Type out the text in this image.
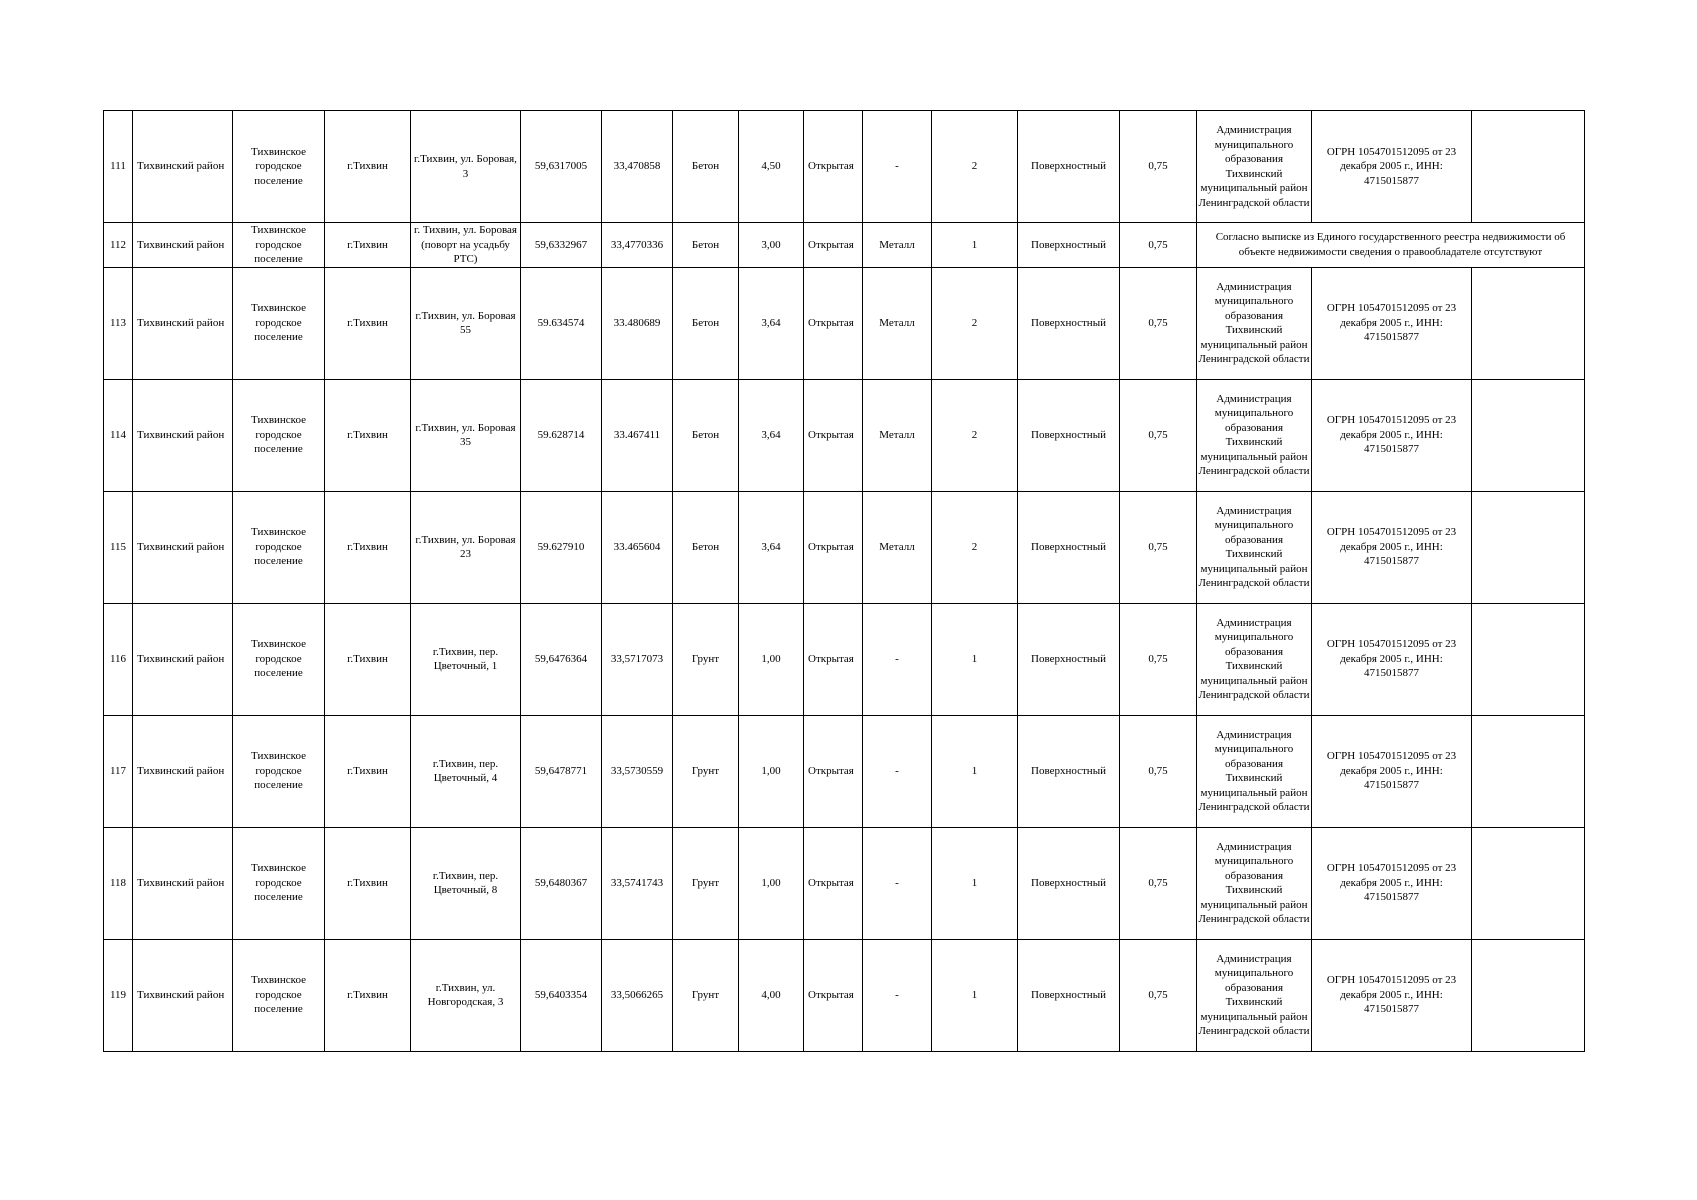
111	Тихвинский район	Тихвинское городское поселение	г.Тихвин	г.Тихвин, ул. Боровая, 3	59,6317005	33,470858	Бетон	4,50	Открытая	-	2	Поверхностный	0,75	Администрация муниципального образования Тихвинский муниципальный район Ленинградской области	ОГРН 1054701512095 от 23 декабря 2005 г., ИНН: 4715015877	
112	Тихвинский район	Тихвинское городское поселение	г.Тихвин	г. Тихвин, ул. Боровая (поворт на усадьбу РТС)	59,6332967	33,4770336	Бетон	3,00	Открытая	Металл	1	Поверхностный	0,75	Согласно выписке из Единого государственного реестра недвижимости об объекте недвижимости сведения о правообладателе отсутствуют		
113	Тихвинский район	Тихвинское городское поселение	г.Тихвин	г.Тихвин, ул. Боровая 55	59.634574	33.480689	Бетон	3,64	Открытая	Металл	2	Поверхностный	0,75	Администрация муниципального образования Тихвинский муниципальный район Ленинградской области	ОГРН 1054701512095 от 23 декабря 2005 г., ИНН: 4715015877	
114	Тихвинский район	Тихвинское городское поселение	г.Тихвин	г.Тихвин, ул. Боровая 35	59.628714	33.467411	Бетон	3,64	Открытая	Металл	2	Поверхностный	0,75	Администрация муниципального образования Тихвинский муниципальный район Ленинградской области	ОГРН 1054701512095 от 23 декабря 2005 г., ИНН: 4715015877	
115	Тихвинский район	Тихвинское городское поселение	г.Тихвин	г.Тихвин, ул. Боровая 23	59.627910	33.465604	Бетон	3,64	Открытая	Металл	2	Поверхностный	0,75	Администрация муниципального образования Тихвинский муниципальный район Ленинградской области	ОГРН 1054701512095 от 23 декабря 2005 г., ИНН: 4715015877	
116	Тихвинский район	Тихвинское городское поселение	г.Тихвин	г.Тихвин, пер. Цветочный, 1	59,6476364	33,5717073	Грунт	1,00	Открытая	-	1	Поверхностный	0,75	Администрация муниципального образования Тихвинский муниципальный район Ленинградской области	ОГРН 1054701512095 от 23 декабря 2005 г., ИНН: 4715015877	
117	Тихвинский район	Тихвинское городское поселение	г.Тихвин	г.Тихвин, пер. Цветочный, 4	59,6478771	33,5730559	Грунт	1,00	Открытая	-	1	Поверхностный	0,75	Администрация муниципального образования Тихвинский муниципальный район Ленинградской области	ОГРН 1054701512095 от 23 декабря 2005 г., ИНН: 4715015877	
118	Тихвинский район	Тихвинское городское поселение	г.Тихвин	г.Тихвин, пер. Цветочный, 8	59,6480367	33,5741743	Грунт	1,00	Открытая	-	1	Поверхностный	0,75	Администрация муниципального образования Тихвинский муниципальный район Ленинградской области	ОГРН 1054701512095 от 23 декабря 2005 г., ИНН: 4715015877	
119	Тихвинский район	Тихвинское городское поселение	г.Тихвин	г.Тихвин, ул. Новгородская, 3	59,6403354	33,5066265	Грунт	4,00	Открытая	-	1	Поверхностный	0,75	Администрация муниципального образования Тихвинский муниципальный район Ленинградской области	ОГРН 1054701512095 от 23 декабря 2005 г., ИНН: 4715015877	
